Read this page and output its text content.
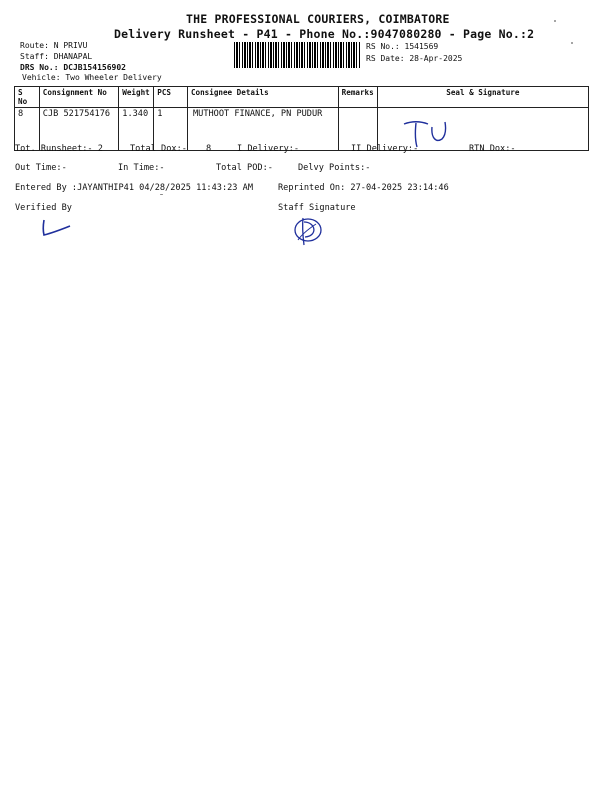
THE PROFESSIONAL COURIERS, COIMBATORE
Delivery Runsheet - P41 - Phone No.:9047080280 - Page No.:2
Route: N PRIVU
Staff: DHANAPAL
DRS No.: DCJB154156902
Vehicle: Two Wheeler Delivery
RS No.: 1541569
RS Date: 28-Apr-2025
S No	Consignment No	Weight	PCS	Consignee Details	Remarks	Seal & Signature
8	CJB 521754176	1.340	1	MUTHOOT FINANCE, PN PUDUR		
Tot. Runsheet:- 2	Total Dox:- 8	I Delivery:-	II Delivery:-	RTN Dox:-
Out Time:-	In Time:-	Total POD:-	Delvy Points:-
Entered By :JAYANTHIP41 04/28/2025 11:43:23 AM	Reprinted On: 27-04-2025 23:14:46
Verified By	Staff Signature
